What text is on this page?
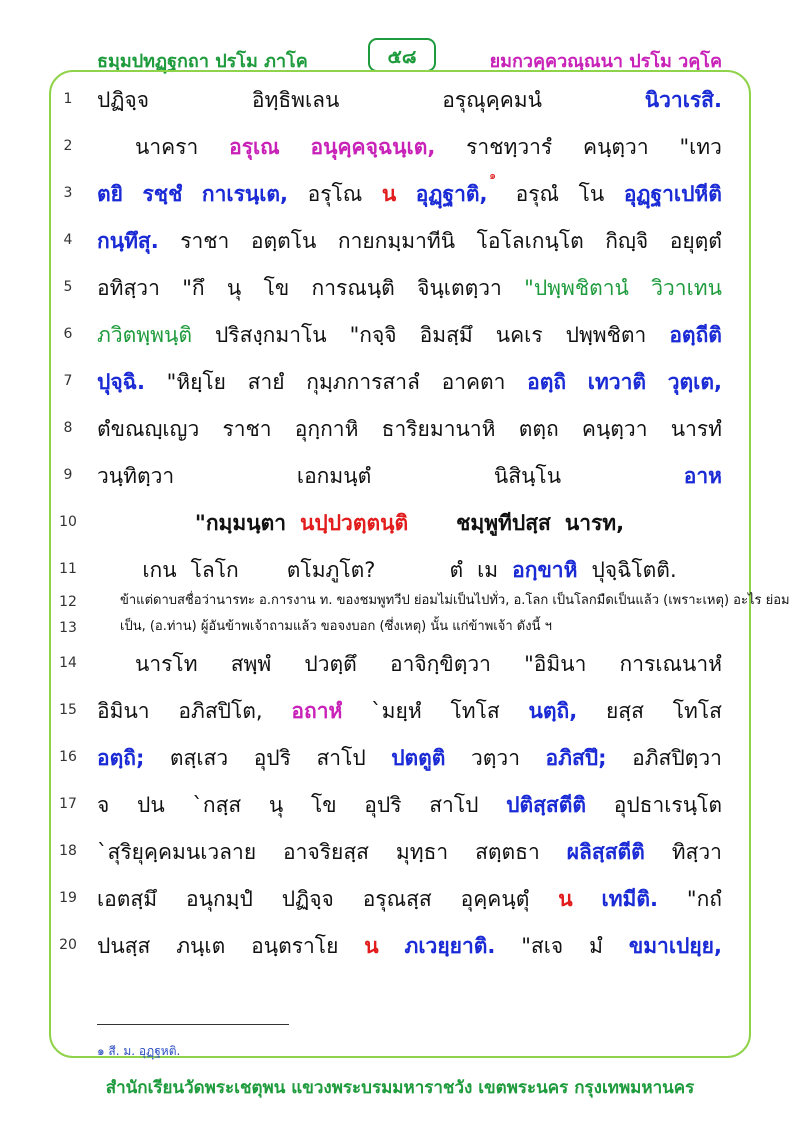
ธมฺมปทฏฺฐกถา ปรโม ภาโค	๕๘	ยมกวคฺควณฺณนา ปรโม วคฺโค
1	ปฏิจฺจ	อิทฺธิพเลน	อรุณุคฺคมนํ	นิวาเรสิ.
2	นาครา อรุเณ อนุคฺคจฺฉนฺเต, ราชทฺวารํ คนฺตฺวา "เทว
3	ตยิ รชฺชํ กาเรนฺเต, อรุโณ น อุฏฺฐาติ,
๑
อรุณํ โน อุฏฺฐาเปหีติ
4	กนฺทึสุ. ราชา อตฺตโน กายกมฺมาทีนิ โอโลเกนฺโต กิญฺจิ อยุตฺตํ
5	อทิสฺวา "กึ นุ โข การณนฺติ จินฺเตตฺวา "ปพฺพชิตานํ วิวาเทน
6	ภวิตพฺพนฺติ ปริสงฺกมาโน "กจฺจิ อิมสฺมึ นคเร ปพฺพชิตา อตฺถีติ
7	ปุจฺฉิ. "หิยฺโย สายํ กุมฺภการสาลํ อาคตา อตฺถิ เทวาติ วุตฺเต,
8	ตํขณญฺเญว ราชา อุกฺกาหิ ธาริยมานาหิ ตตฺถ คนฺตฺวา นารทํ
9	วนฺทิตฺวา	เอกมนฺตํ	นิสินฺโน	อาห
10	"กมฺมนฺตา นปฺปวตฺตนฺติ ชมฺพูทีปสฺส นารท,
11	เกน โลโก ตโมภูโต?	ตํ เม อกฺขาหิ ปุจฺฉิโตติ.
12	ข้าแต่ดาบสชื่อว่านารทะ อ.การงาน ท. ของชมพูทวีป ย่อมไม่เป็นไปทั่ว, อ.โลก เป็นโลกมืดเป็นแล้ว (เพราะเหตุ) อะไร ย่อม
13	เป็น, (อ.ท่าน) ผู้อันข้าพเจ้าถามแล้ว ขอจงบอก (ซึ่งเหตุ) นั้น แก่ข้าพเจ้า ดังนี้ ฯ
14	นารโท สพฺพํ ปวตฺตึ อาจิกฺขิตฺวา "อิมินา การเณนาหํ
15 อิมินา อภิสปิโต, อถาหํ `มยฺหํ โทโส นตฺถิ, ยสฺส โทโส
16 อตฺถิ; ตสฺเสว อุปริ สาโป ปตตูติ วตฺวา อภิสปึ; อภิสปิตฺวา
17 จ ปน `กสฺส นุ โข อุปริ สาโป ปติสฺสตีติ อุปธาเรนฺโต
18 `สุริยุคฺคมนเวลาย อาจริยสฺส มุทฺธา สตฺตธา ผลิสฺสตีติ ทิสฺวา
19 เอตสฺมึ อนุกมฺปํ ปฏิจฺจ อรุณสฺส อุคฺคนฺตุํ น เทมีติ. "กถํ
20 ปนสฺส ภนฺเต อนฺตราโย น ภเวยฺยาติ. "สเจ มํ ขมาเปยฺย,
๑ สี. ม. อุฏฺฐหติ.
สำนักเรียนวัดพระเชตุพน แขวงพระบรมมหาราชวัง เขตพระนคร กรุงเทพมหานคร
